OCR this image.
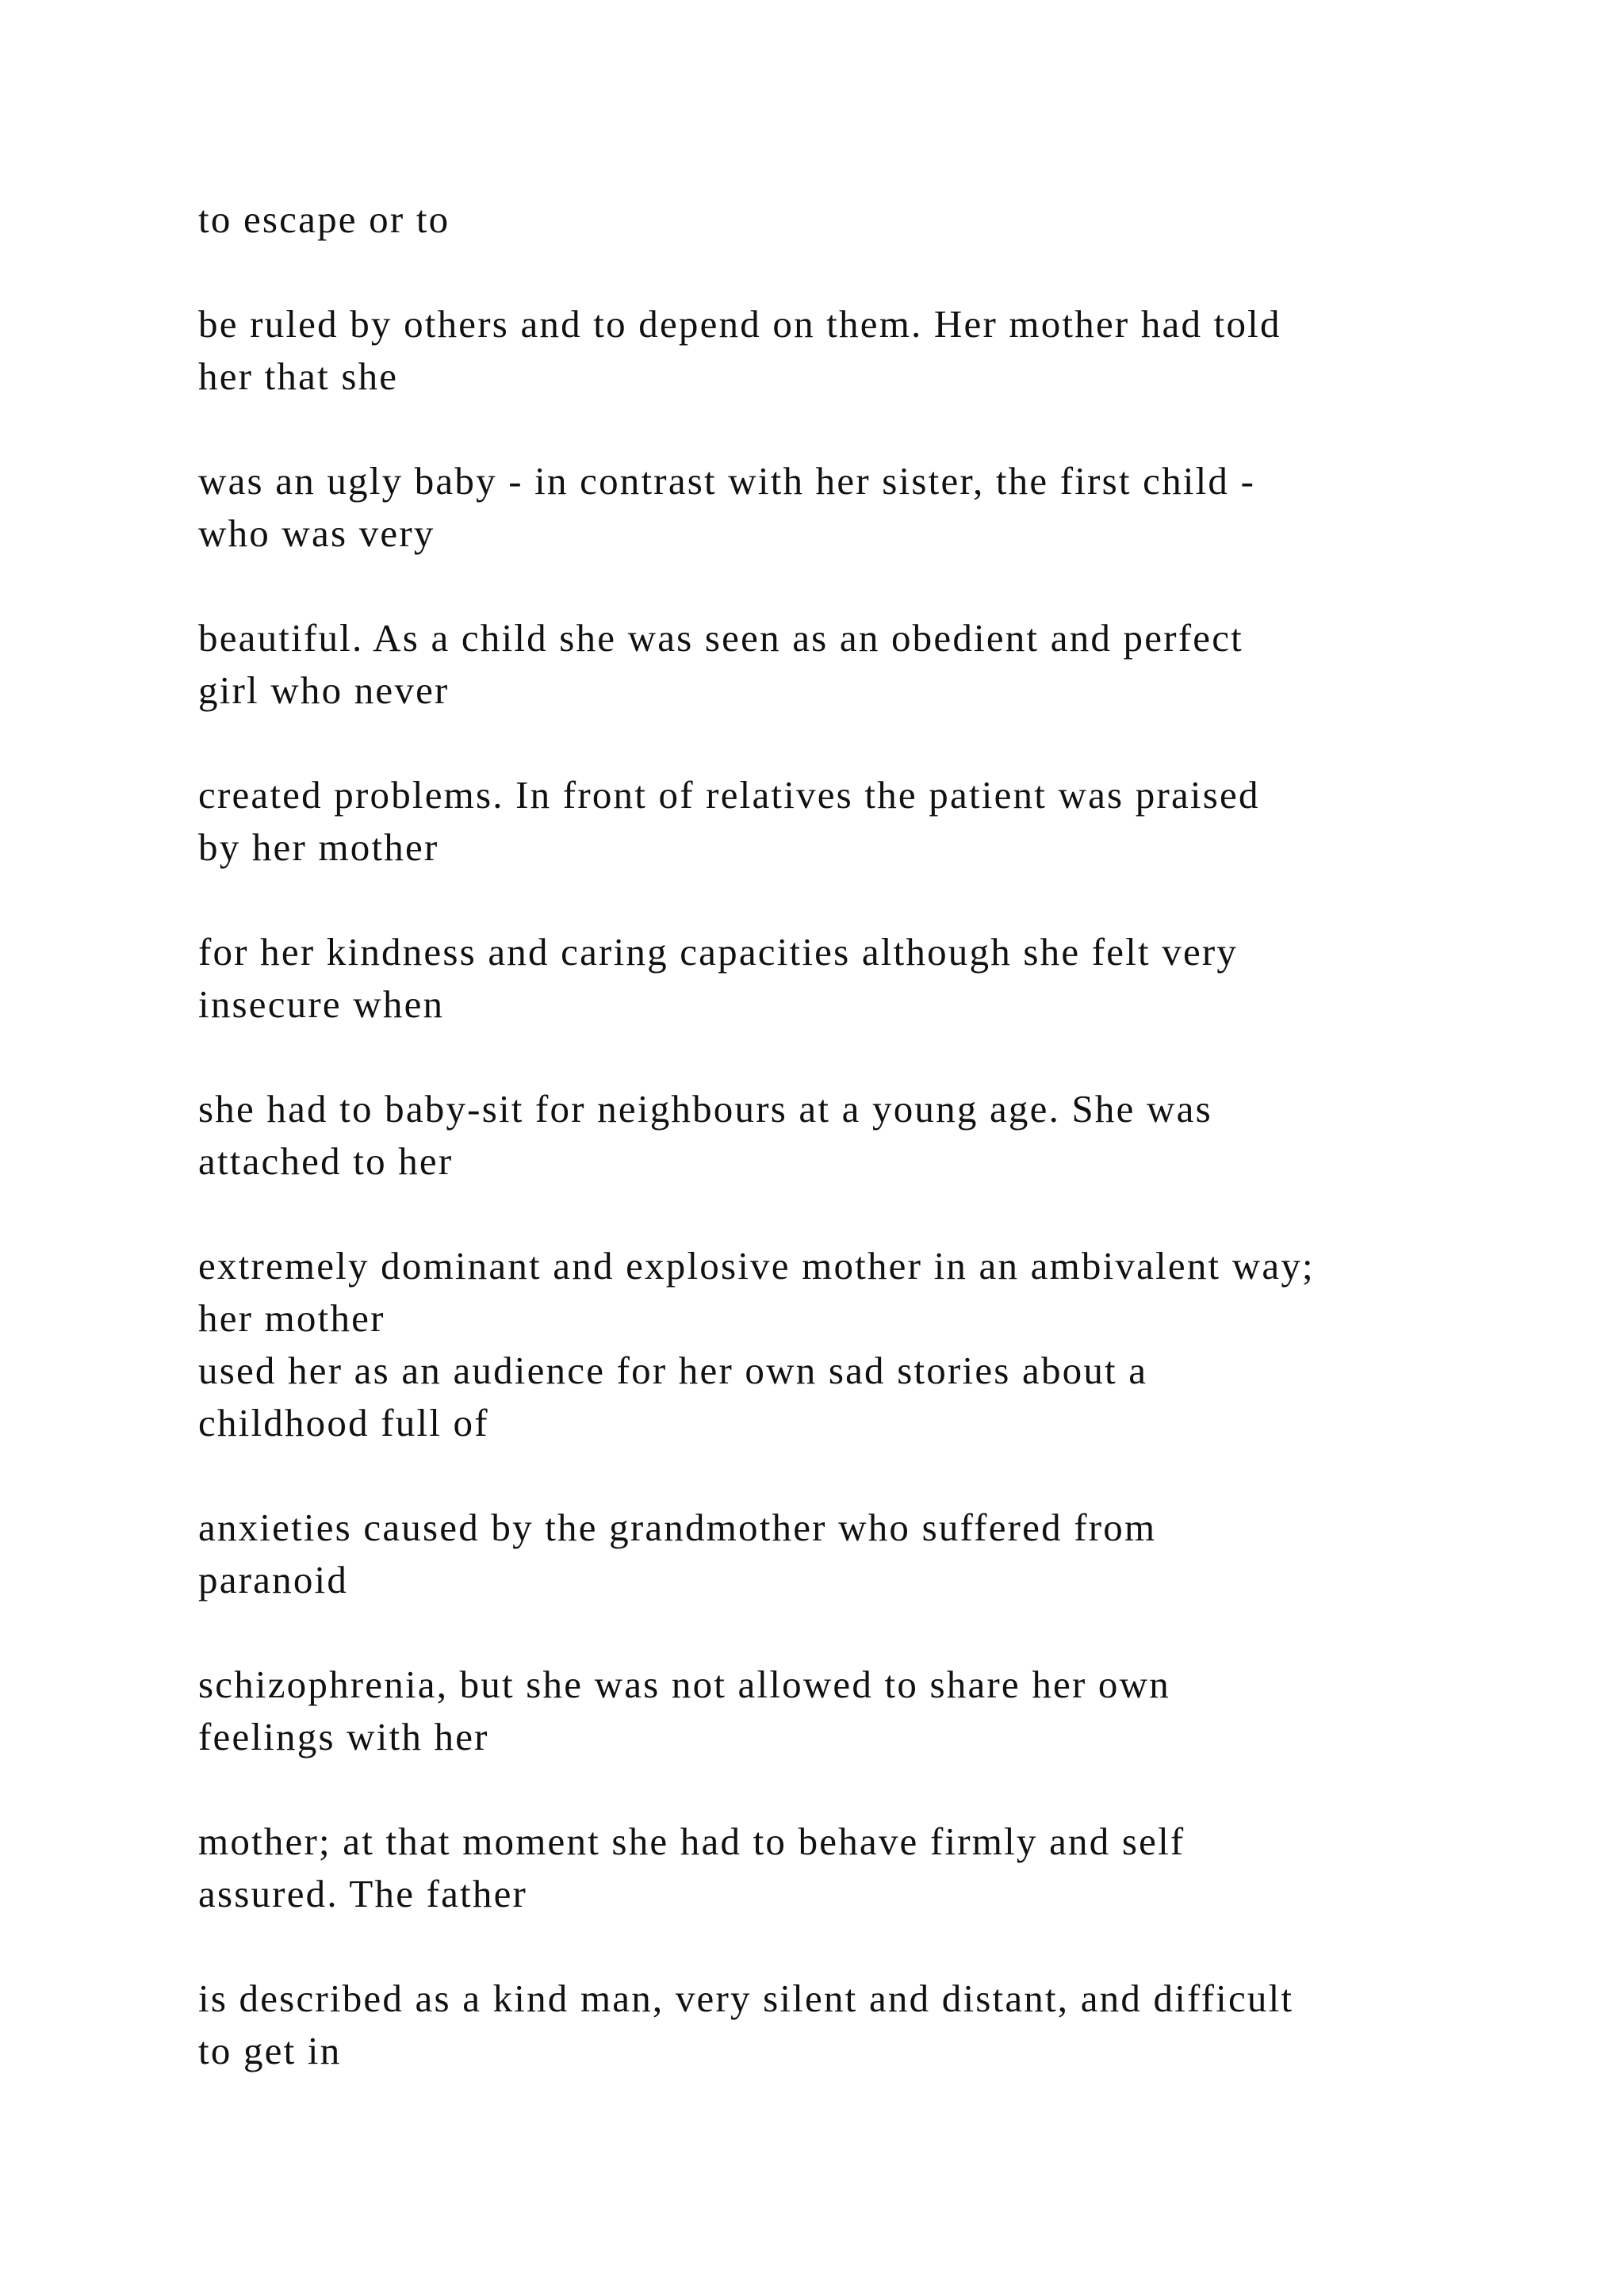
to escape or to
be ruled by others and to depend on them. Her mother had told
her that she
was an ugly baby - in contrast with her sister, the first child -
who was very
beautiful. As a child she was seen as an obedient and perfect
girl who never
created problems. In front of relatives the patient was praised
by her mother
for her kindness and caring capacities although she felt very
insecure when
she had to baby-sit for neighbours at a young age. She was
attached to her
extremely dominant and explosive mother in an ambivalent way;
her mother
used her as an audience for her own sad stories about a
childhood full of
anxieties caused by the grandmother who suffered from
paranoid
schizophrenia, but she was not allowed to share her own
feelings with her
mother; at that moment she had to behave firmly and self
assured. The father
is described as a kind man, very silent and distant, and difficult
to get in
